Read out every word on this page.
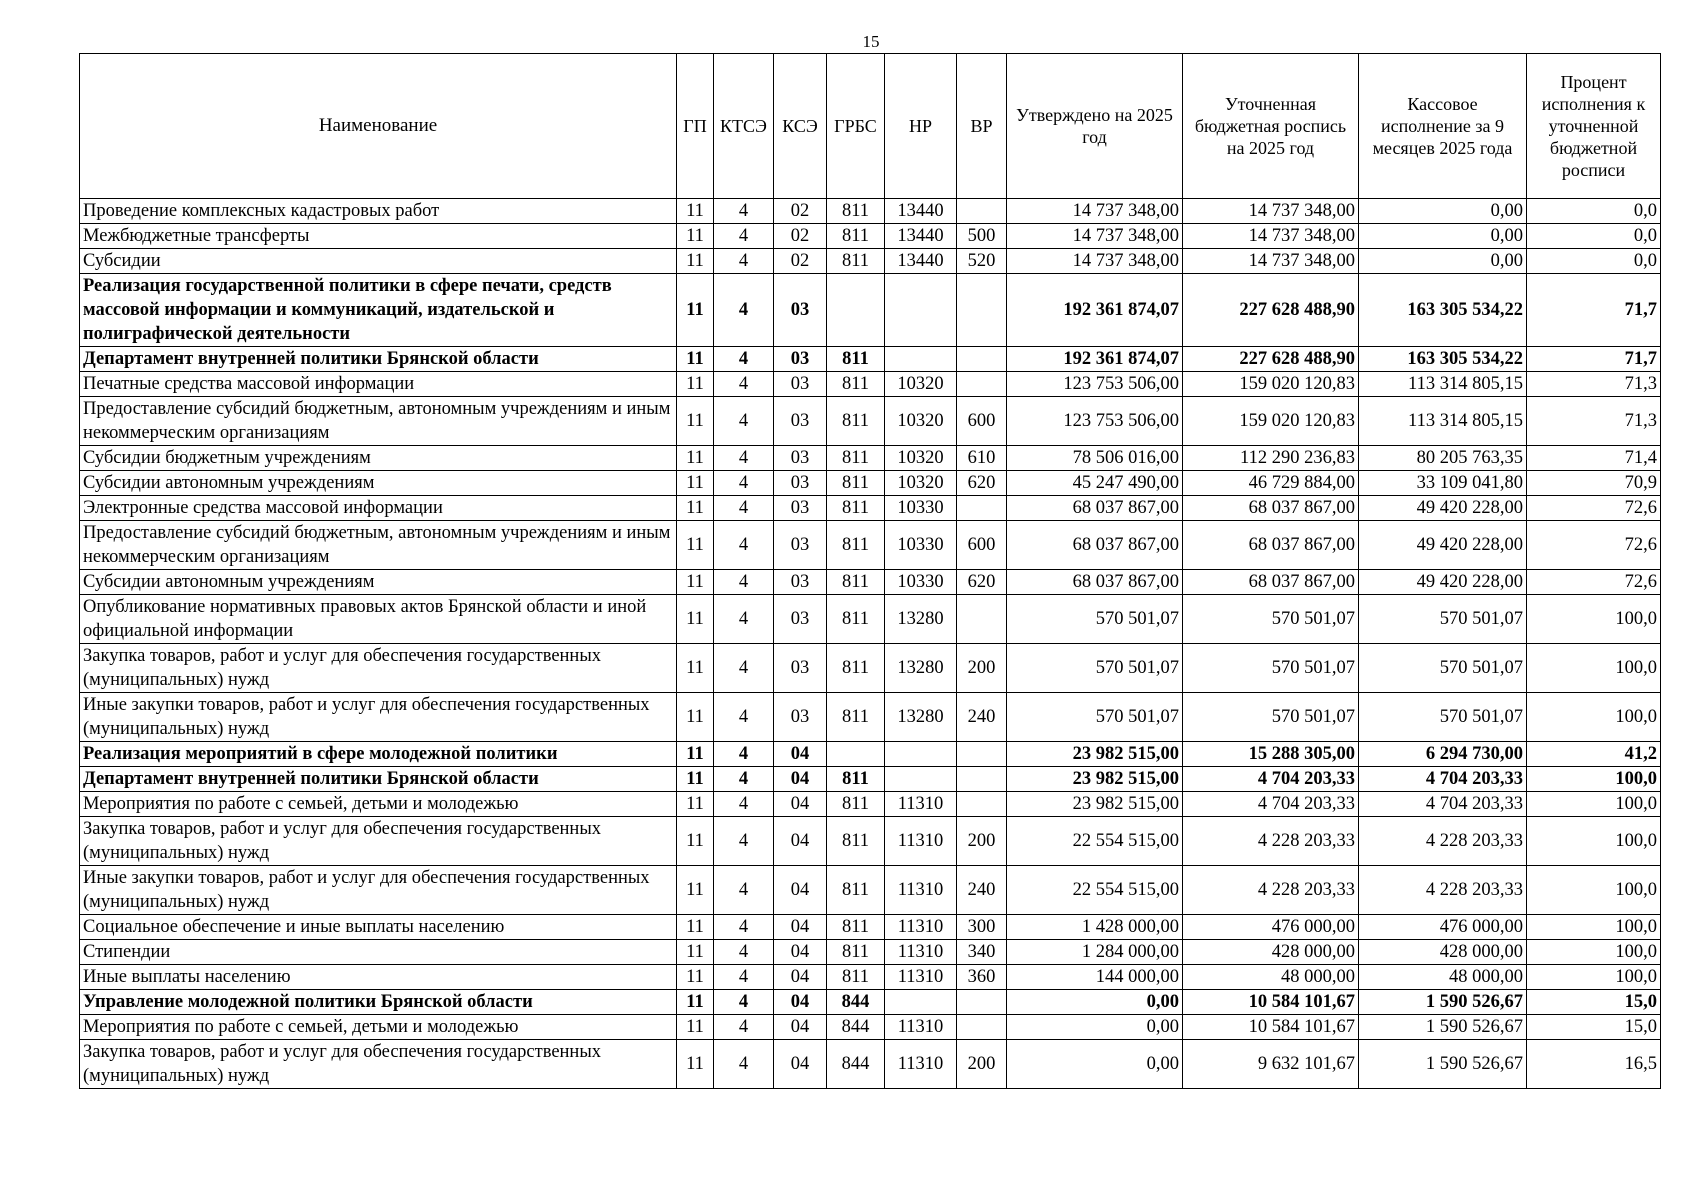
15
Наименование	ГП	КТСЭ	КСЭ	ГРБС	НР	ВР	Утверждено на 2025 год	Уточненная бюджетная роспись на 2025 год	Кассовое исполнение за 9 месяцев 2025 года	Процент исполнения к уточненной бюджетной росписи
Проведение комплексных кадастровых работ	11	4	02	811	13440		14 737 348,00	14 737 348,00	0,00	0,0
Межбюджетные трансферты	11	4	02	811	13440	500	14 737 348,00	14 737 348,00	0,00	0,0
Субсидии	11	4	02	811	13440	520	14 737 348,00	14 737 348,00	0,00	0,0
Реализация государственной политики в сфере печати, средств массовой информации и коммуникаций, издательской и полиграфической деятельности	11	4	03				192 361 874,07	227 628 488,90	163 305 534,22	71,7
Департамент внутренней политики Брянской области	11	4	03	811			192 361 874,07	227 628 488,90	163 305 534,22	71,7
Печатные средства массовой информации	11	4	03	811	10320		123 753 506,00	159 020 120,83	113 314 805,15	71,3
Предоставление субсидий бюджетным, автономным учреждениям и иным некоммерческим организациям	11	4	03	811	10320	600	123 753 506,00	159 020 120,83	113 314 805,15	71,3
Субсидии бюджетным учреждениям	11	4	03	811	10320	610	78 506 016,00	112 290 236,83	80 205 763,35	71,4
Субсидии автономным учреждениям	11	4	03	811	10320	620	45 247 490,00	46 729 884,00	33 109 041,80	70,9
Электронные средства массовой информации	11	4	03	811	10330		68 037 867,00	68 037 867,00	49 420 228,00	72,6
Предоставление субсидий бюджетным, автономным учреждениям и иным некоммерческим организациям	11	4	03	811	10330	600	68 037 867,00	68 037 867,00	49 420 228,00	72,6
Субсидии автономным учреждениям	11	4	03	811	10330	620	68 037 867,00	68 037 867,00	49 420 228,00	72,6
Опубликование нормативных правовых актов Брянской области и иной официальной информации	11	4	03	811	13280		570 501,07	570 501,07	570 501,07	100,0
Закупка товаров, работ и услуг для обеспечения государственных (муниципальных) нужд	11	4	03	811	13280	200	570 501,07	570 501,07	570 501,07	100,0
Иные закупки товаров, работ и услуг для обеспечения государственных (муниципальных) нужд	11	4	03	811	13280	240	570 501,07	570 501,07	570 501,07	100,0
Реализация мероприятий в сфере молодежной политики	11	4	04				23 982 515,00	15 288 305,00	6 294 730,00	41,2
Департамент внутренней политики Брянской области	11	4	04	811			23 982 515,00	4 704 203,33	4 704 203,33	100,0
Мероприятия по работе с семьей, детьми и молодежью	11	4	04	811	11310		23 982 515,00	4 704 203,33	4 704 203,33	100,0
Закупка товаров, работ и услуг для обеспечения государственных (муниципальных) нужд	11	4	04	811	11310	200	22 554 515,00	4 228 203,33	4 228 203,33	100,0
Иные закупки товаров, работ и услуг для обеспечения государственных (муниципальных) нужд	11	4	04	811	11310	240	22 554 515,00	4 228 203,33	4 228 203,33	100,0
Социальное обеспечение и иные выплаты населению	11	4	04	811	11310	300	1 428 000,00	476 000,00	476 000,00	100,0
Стипендии	11	4	04	811	11310	340	1 284 000,00	428 000,00	428 000,00	100,0
Иные выплаты населению	11	4	04	811	11310	360	144 000,00	48 000,00	48 000,00	100,0
Управление молодежной политики Брянской области	11	4	04	844			0,00	10 584 101,67	1 590 526,67	15,0
Мероприятия по работе с семьей, детьми и молодежью	11	4	04	844	11310		0,00	10 584 101,67	1 590 526,67	15,0
Закупка товаров, работ и услуг для обеспечения государственных (муниципальных) нужд	11	4	04	844	11310	200	0,00	9 632 101,67	1 590 526,67	16,5
